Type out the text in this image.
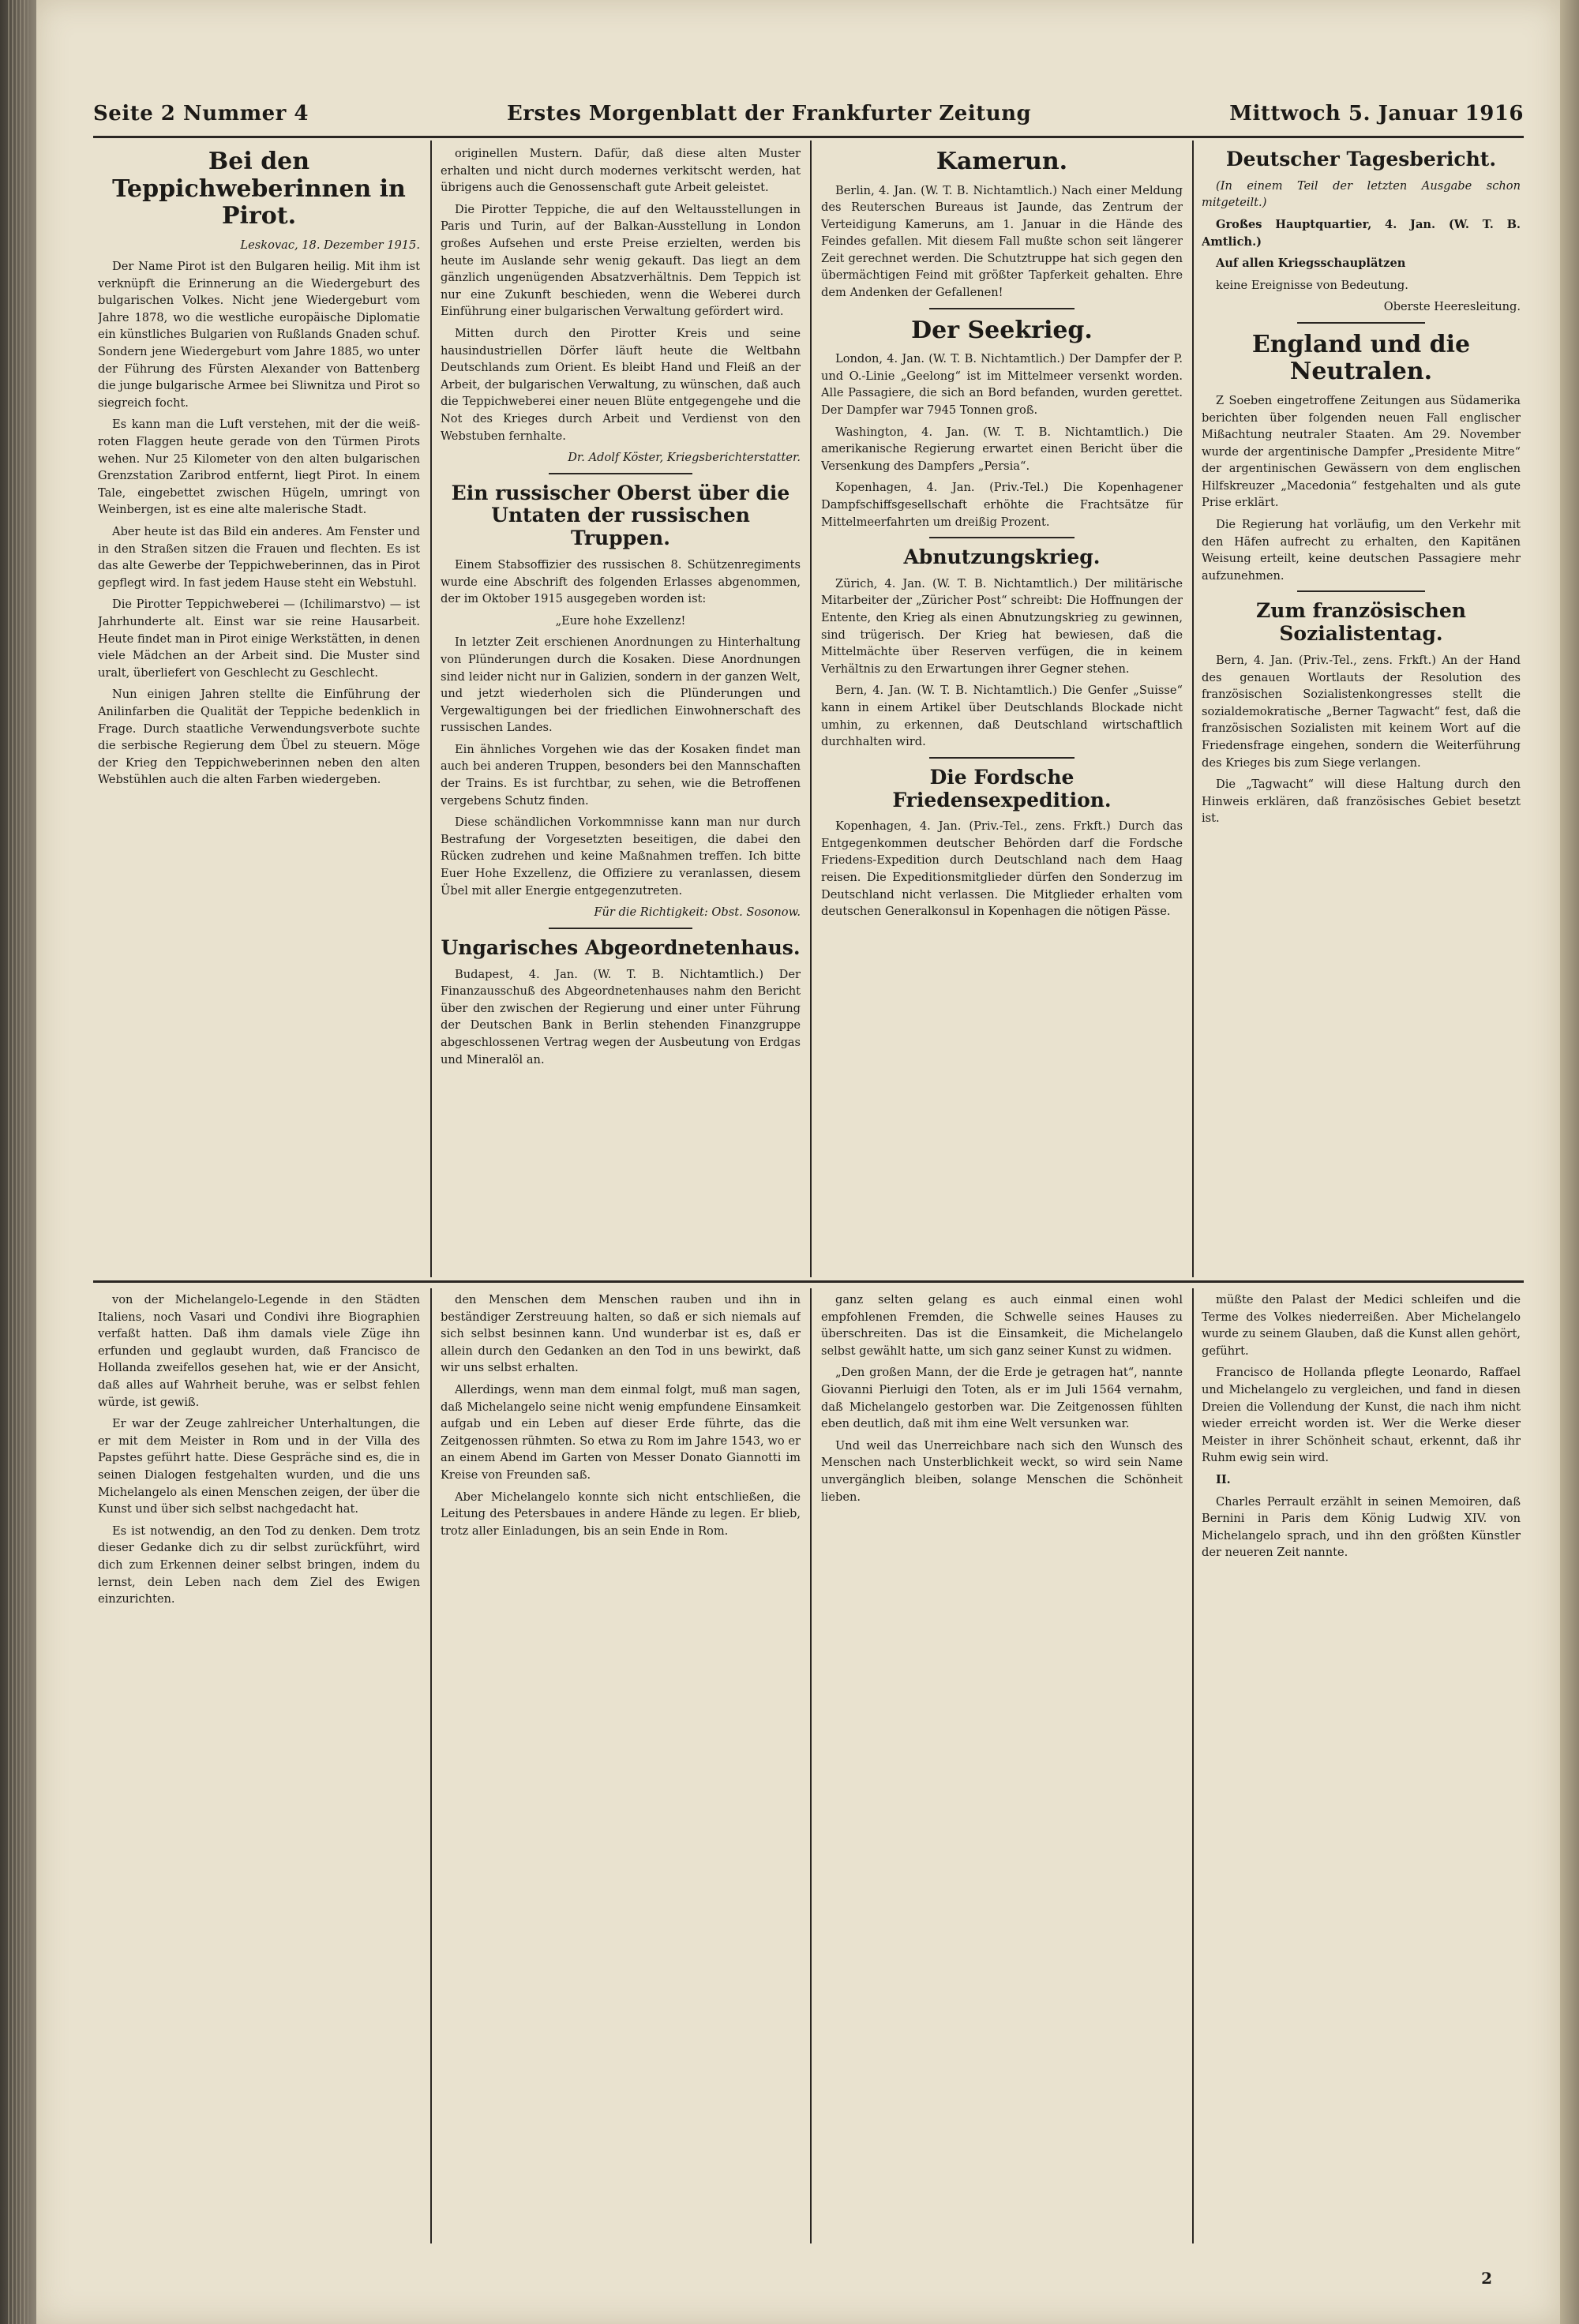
Seite 2 Nummer 4	Erstes Morgenblatt der Frankfurter Zeitung	Mittwoch 5. Januar 1916
Bei den Teppichweberinnen in Pirot.

Leskovac, 18. Dezember 1915.

Der Name Pirot ist den Bulgaren heilig. Mit ihm ist verknüpft die Erinnerung an die Wiedergeburt des bulgarischen Volkes. Nicht jene Wiedergeburt vom Jahre 1878, wo die westliche europäische Diplomatie ein künstliches Bulgarien von Rußlands Gnaden schuf. Sondern jene Wiedergeburt vom Jahre 1885, wo unter der Führung des Fürsten Alexander von Battenberg die junge bulgarische Armee bei Sliwnitza und Pirot so siegreich focht.

Es kann man die Luft verstehen, mit der die weiß-roten Flaggen heute gerade von den Türmen Pirots wehen. Nur 25 Kilometer von den alten bulgarischen Grenzstation Zaribrod entfernt, liegt Pirot. In einem Tale, eingebettet zwischen Hügeln, umringt von Weinbergen, ist es eine alte malerische Stadt.

Aber heute ist das Bild ein anderes. Am Fenster und in den Straßen sitzen die Frauen und flechten. Es ist das alte Gewerbe der Teppichweberinnen, das in Pirot gepflegt wird. In fast jedem Hause steht ein Webstuhl.

Die Pirotter Teppichweberei — (Ichilimarstvo) — ist Jahrhunderte alt. Einst war sie reine Hausarbeit. Heute findet man in Pirot einige Werkstätten, in denen viele Mädchen an der Arbeit sind. Die Muster sind uralt, überliefert von Geschlecht zu Geschlecht.

Nun einigen Jahren stellte die Einführung der Anilinfarben die Qualität der Teppiche bedenklich in Frage. Durch staatliche Verwendungsverbote suchte die serbische Regierung dem Übel zu steuern. Möge der Krieg den Teppichweberinnen neben den alten Webstühlen auch die alten Farben wiedergeben.

originellen Mustern. Dafür, daß diese alten Muster erhalten und nicht durch modernes verkitscht werden, hat übrigens auch die Genossenschaft gute Arbeit geleistet.

Die Pirotter Teppiche, die auf den Weltausstellungen in Paris und Turin, auf der Balkan-Ausstellung in London großes Aufsehen und erste Preise erzielten, werden bis heute im Auslande sehr wenig gekauft. Das liegt an dem gänzlich ungenügenden Absatzverhältnis. Dem Teppich ist nur eine Zukunft beschieden, wenn die Weberei durch Einführung einer bulgarischen Verwaltung gefördert wird.

Mitten durch den Pirotter Kreis und seine hausindustriellen Dörfer läuft heute die Weltbahn Deutschlands zum Orient. Es bleibt Hand und Fleiß an der Arbeit, der bulgarischen Verwaltung, zu wünschen, daß auch die Teppichweberei einer neuen Blüte entgegengehe und die Not des Krieges durch Arbeit und Verdienst von den Webstuben fernhalte.

Dr. Adolf Köster, Kriegsberichterstatter.

Ein russischer Oberst über die Untaten der russischen Truppen.

Einem Stabsoffizier des russischen 8. Schützenregiments wurde eine Abschrift des folgenden Erlasses abgenommen, der im Oktober 1915 ausgegeben worden ist:

„Eure hohe Exzellenz!

In letzter Zeit erschienen Anordnungen zu Hinterhaltung von Plünderungen durch die Kosaken. Diese Anordnungen sind leider nicht nur in Galizien, sondern in der ganzen Welt, und jetzt wiederholen sich die Plünderungen und Vergewaltigungen bei der friedlichen Einwohnerschaft des russischen Landes.

Ein ähnliches Vorgehen wie das der Kosaken findet man auch bei anderen Truppen, besonders bei den Mannschaften der Trains. Es ist furchtbar, zu sehen, wie die Betroffenen vergebens Schutz finden.

Diese schändlichen Vorkommnisse kann man nur durch Bestrafung der Vorgesetzten beseitigen, die dabei den Rücken zudrehen und keine Maßnahmen treffen. Ich bitte Euer Hohe Exzellenz, die Offiziere zu veranlassen, diesem Übel mit aller Energie entgegenzutreten.

Für die Richtigkeit: Obst. Sosonow.

Ungarisches Abgeordnetenhaus.

Budapest, 4. Jan. (W. T. B. Nichtamtlich.) Der Finanzausschuß des Abgeordnetenhauses nahm den Bericht über den zwischen der Regierung und einer unter Führung der Deutschen Bank in Berlin stehenden Finanzgruppe abgeschlossenen Vertrag wegen der Ausbeutung von Erdgas und Mineralöl an.

Kamerun.

Berlin, 4. Jan. (W. T. B. Nichtamtlich.) Nach einer Meldung des Reuterschen Bureaus ist Jaunde, das Zentrum der Verteidigung Kameruns, am 1. Januar in die Hände des Feindes gefallen. Mit diesem Fall mußte schon seit längerer Zeit gerechnet werden. Die Schutztruppe hat sich gegen den übermächtigen Feind mit größter Tapferkeit gehalten. Ehre dem Andenken der Gefallenen!

Der Seekrieg.

London, 4. Jan. (W. T. B. Nichtamtlich.) Der Dampfer der P. und O.-Linie „Geelong“ ist im Mittelmeer versenkt worden. Alle Passagiere, die sich an Bord befanden, wurden gerettet. Der Dampfer war 7945 Tonnen groß.

Washington, 4. Jan. (W. T. B. Nichtamtlich.) Die amerikanische Regierung erwartet einen Bericht über die Versenkung des Dampfers „Persia“.

Kopenhagen, 4. Jan. (Priv.-Tel.) Die Kopenhagener Dampfschiffsgesellschaft erhöhte die Frachtsätze für Mittelmeerfahrten um dreißig Prozent.

Abnutzungskrieg.

Zürich, 4. Jan. (W. T. B. Nichtamtlich.) Der militärische Mitarbeiter der „Züricher Post“ schreibt: Die Hoffnungen der Entente, den Krieg als einen Abnutzungskrieg zu gewinnen, sind trügerisch. Der Krieg hat bewiesen, daß die Mittelmächte über Reserven verfügen, die in keinem Verhältnis zu den Erwartungen ihrer Gegner stehen.

Bern, 4. Jan. (W. T. B. Nichtamtlich.) Die Genfer „Suisse“ kann in einem Artikel über Deutschlands Blockade nicht umhin, zu erkennen, daß Deutschland wirtschaftlich durchhalten wird.

Die Fordsche Friedensexpedition.

Kopenhagen, 4. Jan. (Priv.-Tel., zens. Frkft.) Durch das Entgegenkommen deutscher Behörden darf die Fordsche Friedens-Expedition durch Deutschland nach dem Haag reisen. Die Expeditionsmitglieder dürfen den Sonderzug im Deutschland nicht verlassen. Die Mitglieder erhalten vom deutschen Generalkonsul in Kopenhagen die nötigen Pässe.

Deutscher Tagesbericht.

(In einem Teil der letzten Ausgabe schon mitgeteilt.)

Großes Hauptquartier, 4. Jan. (W. T. B. Amtlich.)

Auf allen Kriegsschauplätzen

keine Ereignisse von Bedeutung.

Oberste Heeresleitung.

England und die Neutralen.

Z Soeben eingetroffene Zeitungen aus Südamerika berichten über folgenden neuen Fall englischer Mißachtung neutraler Staaten. Am 29. November wurde der argentinische Dampfer „Presidente Mitre“ der argentinischen Gewässern von dem englischen Hilfskreuzer „Macedonia“ festgehalten und als gute Prise erklärt.

Die Regierung hat vorläufig, um den Verkehr mit den Häfen aufrecht zu erhalten, den Kapitänen Weisung erteilt, keine deutschen Passagiere mehr aufzunehmen.

Zum französischen Sozialistentag.

Bern, 4. Jan. (Priv.-Tel., zens. Frkft.) An der Hand des genauen Wortlauts der Resolution des französischen Sozialistenkongresses stellt die sozialdemokratische „Berner Tagwacht“ fest, daß die französischen Sozialisten mit keinem Wort auf die Friedensfrage eingehen, sondern die Weiterführung des Krieges bis zum Siege verlangen.

Die „Tagwacht“ will diese Haltung durch den Hinweis erklären, daß französisches Gebiet besetzt ist.

von der Michelangelo-Legende in den Städten Italiens, noch Vasari und Condivi ihre Biographien verfaßt hatten. Daß ihm damals viele Züge ihn erfunden und geglaubt wurden, daß Francisco de Hollanda zweifellos gesehen hat, wie er der Ansicht, daß alles auf Wahrheit beruhe, was er selbst fehlen würde, ist gewiß.

Er war der Zeuge zahlreicher Unterhaltungen, die er mit dem Meister in Rom und in der Villa des Papstes geführt hatte. Diese Gespräche sind es, die in seinen Dialogen festgehalten wurden, und die uns Michelangelo als einen Menschen zeigen, der über die Kunst und über sich selbst nachgedacht hat.

Es ist notwendig, an den Tod zu denken. Dem trotz dieser Gedanke dich zu dir selbst zurückführt, wird dich zum Erkennen deiner selbst bringen, indem du lernst, dein Leben nach dem Ziel des Ewigen einzurichten.

den Menschen dem Menschen rauben und ihn in beständiger Zerstreuung halten, so daß er sich niemals auf sich selbst besinnen kann. Und wunderbar ist es, daß er allein durch den Gedanken an den Tod in uns bewirkt, daß wir uns selbst erhalten.

Allerdings, wenn man dem einmal folgt, muß man sagen, daß Michelangelo seine nicht wenig empfundene Einsamkeit aufgab und ein Leben auf dieser Erde führte, das die Zeitgenossen rühmten. So etwa zu Rom im Jahre 1543, wo er an einem Abend im Garten von Messer Donato Giannotti im Kreise von Freunden saß.

Aber Michelangelo konnte sich nicht entschließen, die Leitung des Petersbaues in andere Hände zu legen. Er blieb, trotz aller Einladungen, bis an sein Ende in Rom.

ganz selten gelang es auch einmal einen wohl empfohlenen Fremden, die Schwelle seines Hauses zu überschreiten. Das ist die Einsamkeit, die Michelangelo selbst gewählt hatte, um sich ganz seiner Kunst zu widmen.

„Den großen Mann, der die Erde je getragen hat“, nannte Giovanni Pierluigi den Toten, als er im Juli 1564 vernahm, daß Michelangelo gestorben war. Die Zeitgenossen fühlten eben deutlich, daß mit ihm eine Welt versunken war.

Und weil das Unerreichbare nach sich den Wunsch des Menschen nach Unsterblichkeit weckt, so wird sein Name unvergänglich bleiben, solange Menschen die Schönheit lieben.

müßte den Palast der Medici schleifen und die Terme des Volkes niederreißen. Aber Michelangelo wurde zu seinem Glauben, daß die Kunst allen gehört, geführt.

Francisco de Hollanda pflegte Leonardo, Raffael und Michelangelo zu vergleichen, und fand in diesen Dreien die Vollendung der Kunst, die nach ihm nicht wieder erreicht worden ist. Wer die Werke dieser Meister in ihrer Schönheit schaut, erkennt, daß ihr Ruhm ewig sein wird.

II.

Charles Perrault erzählt in seinen Memoiren, daß Bernini in Paris dem König Ludwig XIV. von Michelangelo sprach, und ihn den größten Künstler der neueren Zeit nannte.

2
